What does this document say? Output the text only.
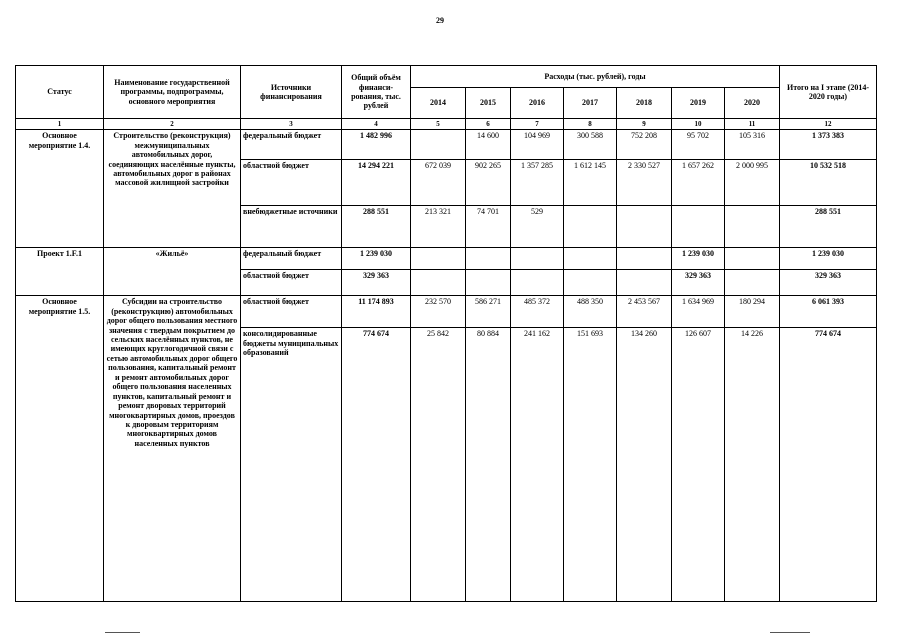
29
Статус	Наименование государственной программы, подпрограммы, основного мероприятия	Источники финансирования	Общий объём финанси-рования, тыс. рублей	Расходы (тыс. рублей), годы							Итого на I этапе (2014-2020 годы)
				2014	2015	2016	2017	2018	2019	2020	
1	2	3	4	5	6	7	8	9	10	11	12
Основное мероприятие 1.4.	Строительство (реконструкция) межмуниципальных автомобильных дорог, соединяющих населённые пункты, автомобильных дорог в районах массовой жилищной застройки	федеральный бюджет	1 482 996		14 600	104 969	300 588	752 208	95 702	105 316	1 373 383
		областной бюджет	14 294 221	672 039	902 265	1 357 285	1 612 145	2 330 527	1 657 262	2 000 995	10 532 518
		внебюджетные источники	288 551	213 321	74 701	529					288 551
Проект 1.F.1	«Жильё»	федеральный бюджет	1 239 030						1 239 030		1 239 030
		областной бюджет	329 363						329 363		329 363
Основное мероприятие 1.5.	Субсидии на строительство (реконструкцию) автомобильных дорог общего пользования местного значения с твердым покрытием до сельских населённых пунктов, не имеющих круглогодичной связи с сетью автомобильных дорог общего пользования, капитальный ремонт и ремонт автомобильных дорог общего пользования населенных пунктов, капитальный ремонт и ремонт дворовых территорий многоквартирных домов, проездов к дворовым территориям многоквартирных домов населенных пунктов	областной бюджет	11 174 893	232 570	586 271	485 372	488 350	2 453 567	1 634 969	180 294	6 061 393
		консолидированные бюджеты муниципальных образований	774 674	25 842	80 884	241 162	151 693	134 260	126 607	14 226	774 674
